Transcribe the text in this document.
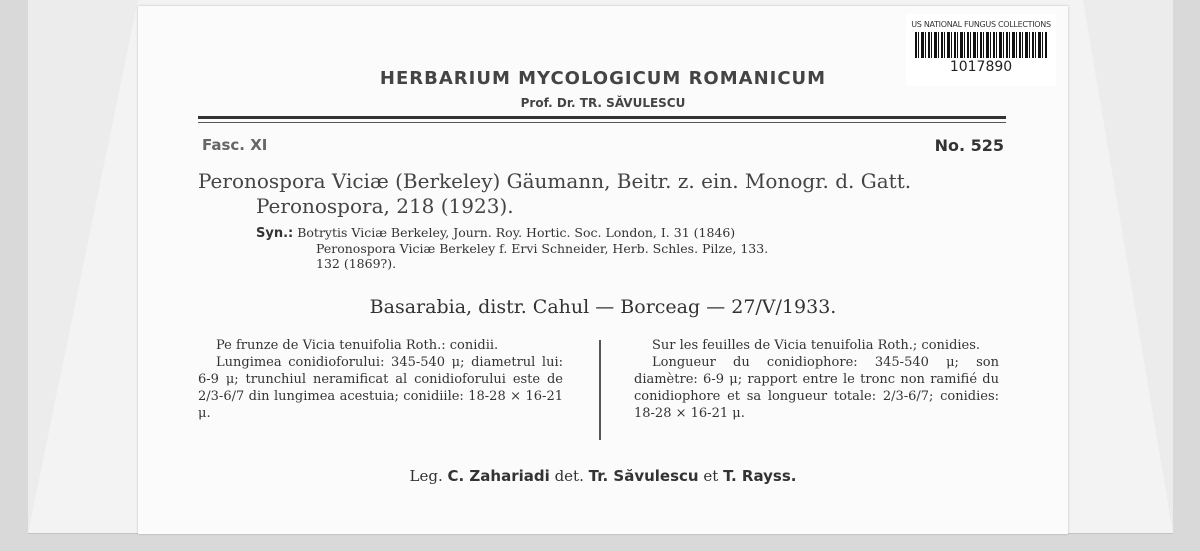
US NATIONAL FUNGUS COLLECTIONS
1017890
HERBARIUM MYCOLOGICUM ROMANICUM
Prof. Dr. TR. SĂVULESCU
Fasc. XI	No. 525
Peronospora Viciæ (Berkeley) Gäumann, Beitr. z. ein. Monogr. d. Gatt.
Peronospora, 218 (1923).
Syn.: Botrytis Viciæ Berkeley, Journ. Roy. Hortic. Soc. London, I. 31 (1846)
Peronospora Viciæ Berkeley f. Ervi Schneider, Herb. Schles. Pilze, 133.
132 (1869?).
Basarabia, distr. Cahul — Borceag — 27/V/1933.

Pe frunze de Vicia tenuifolia Roth.: conidii.

Lungimea conidioforului: 345-540 μ; diametrul lui: 6-9 μ; trunchiul neramificat al conidioforului este de 2/3-6/7 din lungimea acestuia; conidiile: 18-28 × 16-21 μ.

Sur les feuilles de Vicia tenuifolia Roth.; conidies.

Longueur du conidiophore: 345-540 μ; son diamètre: 6-9 μ; rapport entre le tronc non ramifié du conidiophore et sa longueur totale: 2/3-6/7; conidies: 18-28 × 16-21 μ.

Leg. C. Zahariadi det. Tr. Săvulescu et T. Rayss.
